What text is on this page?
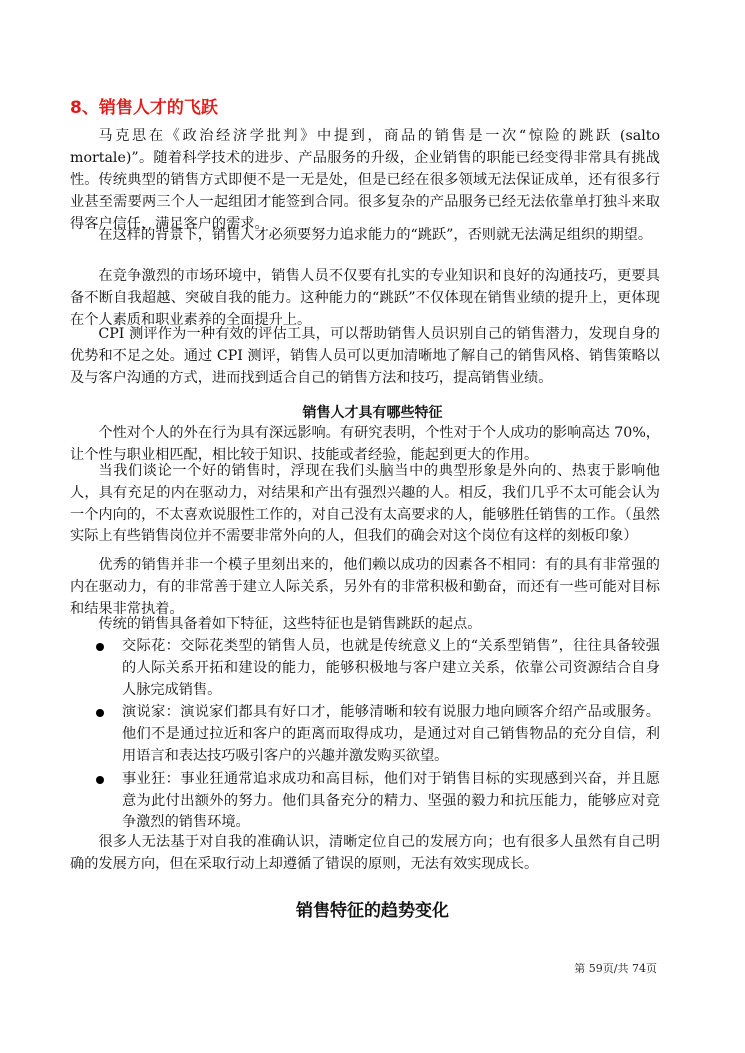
8、销售人才的飞跃

马克思在《政治经济学批判》中提到，商品的销售是一次“惊险的跳跃 (salto mortale)”。随着科学技术的进步、产品服务的升级，企业销售的职能已经变得非常具有挑战性。 传统典型的销售方式即便不是一无是处，但是已经在很多领域无法保证成单，还有很多行业甚至需要两三个人一起组团才能签到合同。很多复杂的产品服务已经无法依靠单打独斗来取得客户信任，满足客户的需求。

在这样的背景下，销售人才必须要努力追求能力的“跳跃”，否则就无法满足组织的期望。

在竞争激烈的市场环境中，销售人员不仅要有扎实的专业知识和良好的沟通技巧，更要具备不断自我超越、突破自我的能力。这种能力的“跳跃”不仅体现在销售业绩的提升上，更体现在个人素质和职业素养的全面提升上。

CPI 测评作为一种有效的评估工具，可以帮助销售人员识别自己的销售潜力，发现自身的优势和不足之处。通过 CPI 测评，销售人员可以更加清晰地了解自己的销售风格、销售策略以及与客户沟通的方式，进而找到适合自己的销售方法和技巧，提高销售业绩。

销售人才具有哪些特征

个性对个人的外在行为具有深远影响。有研究表明，个性对于个人成功的影响高达 70%，让个性与职业相匹配，相比较于知识、技能或者经验，能起到更大的作用。

当我们谈论一个好的销售时，浮现在我们头脑当中的典型形象是外向的、热衷于影响他人，具有充足的内在驱动力，对结果和产出有强烈兴趣的人。相反，我们几乎不太可能会认为一个内向的，不太喜欢说服性工作的，对自己没有太高要求的人，能够胜任销售的工作。（虽然实际上有些销售岗位并不需要非常外向的人，但我们的确会对这个岗位有这样的刻板印象）

优秀的销售并非一个模子里刻出来的，他们赖以成功的因素各不相同：有的具有非常强的内在驱动力，有的非常善于建立人际关系，另外有的非常积极和勤奋，而还有一些可能对目标和结果非常执着。

传统的销售具备着如下特征，这些特征也是销售跳跃的起点。

交际花：交际花类型的销售人员，也就是传统意义上的“关系型销售”，往往具备较强的人际关系开拓和建设的能力，能够积极地与客户建立关系，依靠公司资源结合自身人脉完成销售。
演说家：演说家们都具有好口才，能够清晰和较有说服力地向顾客介绍产品或服务。他们不是通过拉近和客户的距离而取得成功，是通过对自己销售物品的充分自信，利用语言和表达技巧吸引客户的兴趣并激发购买欲望。
事业狂：事业狂通常追求成功和高目标，他们对于销售目标的实现感到兴奋，并且愿意为此付出额外的努力。他们具备充分的精力、坚强的毅力和抗压能力，能够应对竞争激烈的销售环境。

很多人无法基于对自我的准确认识，清晰定位自己的发展方向；也有很多人虽然有自己明确的发展方向，但在采取行动上却遵循了错误的原则，无法有效实现成长。

销售特征的趋势变化
第 59页/共 74页
